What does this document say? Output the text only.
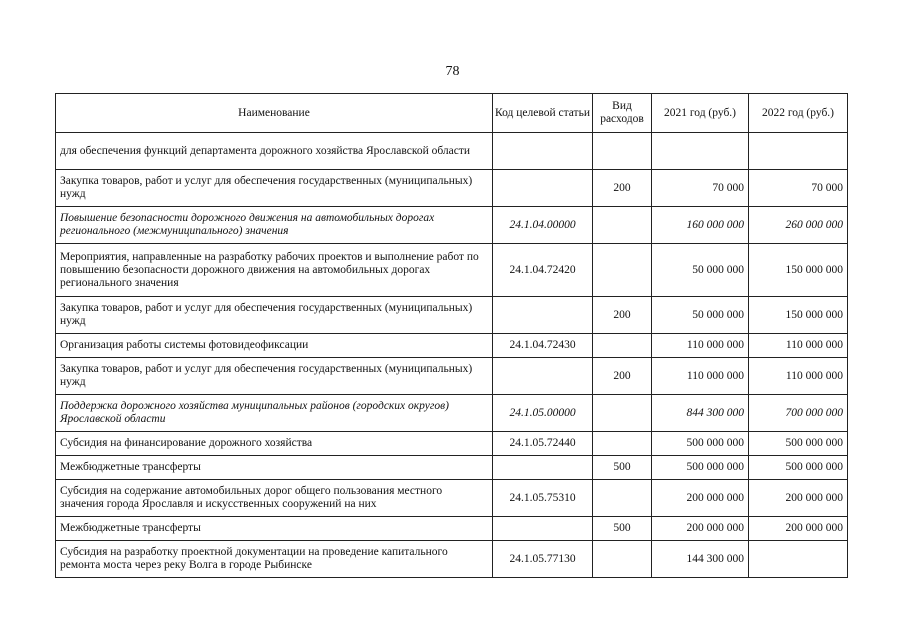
78
Наименование	Код целевой статьи	Вид расходов	2021 год (руб.)	2022 год (руб.)
для обеспечения функций департамента дорожного хозяйства Ярославской области				
Закупка товаров, работ и услуг для обеспечения государственных (муниципальных) нужд		200	70 000	70 000
Повышение безопасности дорожного движения на автомобильных дорогах регионального (межмуниципального) значения	24.1.04.00000		160 000 000	260 000 000
Мероприятия, направленные на разработку рабочих проектов и выполнение работ по повышению безопасности дорожного движения на автомобильных дорогах регионального значения	24.1.04.72420		50 000 000	150 000 000
Закупка товаров, работ и услуг для обеспечения государственных (муниципальных) нужд		200	50 000 000	150 000 000
Организация работы системы фотовидеофиксации	24.1.04.72430		110 000 000	110 000 000
Закупка товаров, работ и услуг для обеспечения государственных (муниципальных) нужд		200	110 000 000	110 000 000
Поддержка дорожного хозяйства муниципальных районов (городских округов) Ярославской области	24.1.05.00000		844 300 000	700 000 000
Субсидия на финансирование дорожного хозяйства	24.1.05.72440		500 000 000	500 000 000
Межбюджетные трансферты		500	500 000 000	500 000 000
Субсидия на содержание автомобильных дорог общего пользования местного значения города Ярославля и искусственных сооружений на них	24.1.05.75310		200 000 000	200 000 000
Межбюджетные трансферты		500	200 000 000	200 000 000
Субсидия на разработку проектной документации на проведение капитального ремонта моста через реку Волга в городе Рыбинске	24.1.05.77130		144 300 000	
